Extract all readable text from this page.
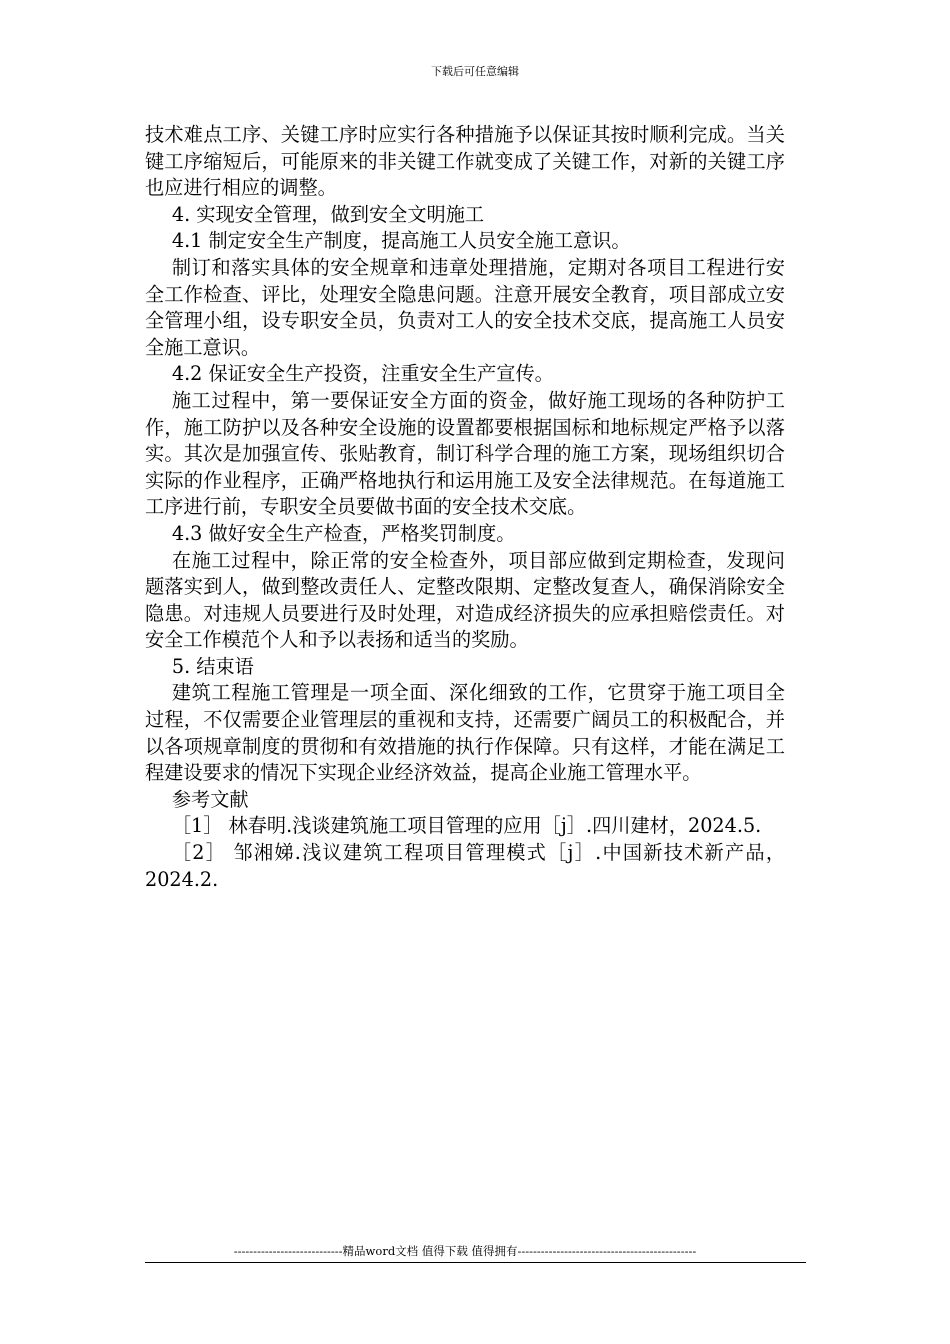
下载后可任意编辑

技术难点工序、关键工序时应实行各种措施予以保证其按时顺利完成。当关键工序缩短后，可能原来的非关键工作就变成了关键工作，对新的关键工序也应进行相应的调整。

4. 实现安全管理，做到安全文明施工

4.1 制定安全生产制度，提高施工人员安全施工意识。

制订和落实具体的安全规章和违章处理措施，定期对各项目工程进行安全工作检查、评比，处理安全隐患问题。注意开展安全教育，项目部成立安全管理小组，设专职安全员，负责对工人的安全技术交底，提高施工人员安全施工意识。

4.2 保证安全生产投资，注重安全生产宣传。

施工过程中，第一要保证安全方面的资金，做好施工现场的各种防护工作，施工防护以及各种安全设施的设置都要根据国标和地标规定严格予以落实。其次是加强宣传、张贴教育，制订科学合理的施工方案，现场组织切合实际的作业程序，正确严格地执行和运用施工及安全法律规范。在每道施工工序进行前，专职安全员要做书面的安全技术交底。

4.3 做好安全生产检查，严格奖罚制度。

在施工过程中，除正常的安全检查外，项目部应做到定期检查，发现问题落实到人，做到整改责任人、定整改限期、定整改复查人，确保消除安全隐患。对违规人员要进行及时处理，对造成经济损失的应承担赔偿责任。对安全工作模范个人和予以表扬和适当的奖励。

5. 结束语

建筑工程施工管理是一项全面、深化细致的工作，它贯穿于施工项目全过程，不仅需要企业管理层的重视和支持，还需要广阔员工的积极配合，并以各项规章制度的贯彻和有效措施的执行作保障。只有这样，才能在满足工程建设要求的情况下实现企业经济效益，提高企业施工管理水平。

参考文献

［1］ 林春明.浅谈建筑施工项目管理的应用［j］.四川建材，2024.5.

［2］ 邹湘娣.浅议建筑工程项目管理模式［j］.中国新技术新产品，2024.2.

----------------------------精品word文档 值得下载 值得拥有----------------------------------------------
